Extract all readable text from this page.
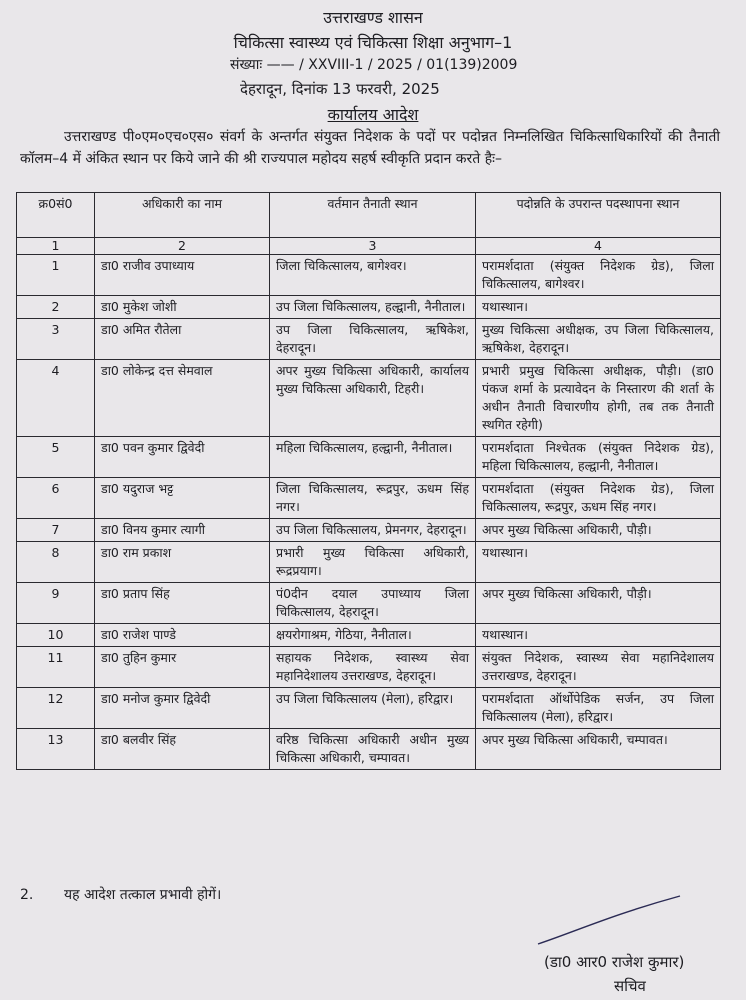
उत्तराखण्ड शासन
चिकित्सा स्वास्थ्य एवं चिकित्सा शिक्षा अनुभाग–1
संख्याः —— / XXVIII-1 / 2025 / 01(139)2009
देहरादून, दिनांक 13 फरवरी, 2025
कार्यालय आदेश
उत्तराखण्ड पी०एम०एच०एस० संवर्ग के अन्तर्गत संयुक्त निदेशक के पदों पर पदोन्नत निम्नलिखित चिकित्साधिकारियों की तैनाती कॉलम–4 में अंकित स्थान पर किये जाने की श्री राज्यपाल महोदय सहर्ष स्वीकृति प्रदान करते हैः–
क्र0सं0	अधिकारी का नाम	वर्तमान तैनाती स्थान	पदोन्नति के उपरान्त पदस्थापना स्थान
1	2	3	4
1	डा0 राजीव उपाध्याय	जिला चिकित्सालय, बागेश्वर।	परामर्शदाता (संयुक्त निदेशक ग्रेड), जिला चिकित्सालय, बागेश्वर।
2	डा0 मुकेश जोशी	उप जिला चिकित्सालय, हल्द्वानी, नैनीताल।	यथास्थान।
3	डा0 अमित रौतेला	उप जिला चिकित्सालय, ऋषिकेश, देहरादून।	मुख्य चिकित्सा अधीक्षक, उप जिला चिकित्सालय, ऋषिकेश, देहरादून।
4	डा0 लोकेन्द्र दत्त सेमवाल	अपर मुख्य चिकित्सा अधिकारी, कार्यालय मुख्य चिकित्सा अधिकारी, टिहरी।	प्रभारी प्रमुख चिकित्सा अधीक्षक, पौड़ी। (डा0 पंकज शर्मा के प्रत्यावेदन के निस्तारण की शर्ता के अधीन तैनाती विचारणीय होगी, तब तक तैनाती स्थगित रहेगी)
5	डा0 पवन कुमार द्विवेदी	महिला चिकित्सालय, हल्द्वानी, नैनीताल।	परामर्शदाता निश्चेतक (संयुक्त निदेशक ग्रेड), महिला चिकित्सालय, हल्द्वानी, नैनीताल।
6	डा0 यदुराज भट्ट	जिला चिकित्सालय, रूद्रपुर, ऊधम सिंह नगर।	परामर्शदाता (संयुक्त निदेशक ग्रेड), जिला चिकित्सालय, रूद्रपुर, ऊधम सिंह नगर।
7	डा0 विनय कुमार त्यागी	उप जिला चिकित्सालय, प्रेमनगर, देहरादून।	अपर मुख्य चिकित्सा अधिकारी, पौड़ी।
8	डा0 राम प्रकाश	प्रभारी मुख्य चिकित्सा अधिकारी, रूद्रप्रयाग।	यथास्थान।
9	डा0 प्रताप सिंह	पं0दीन दयाल उपाध्याय जिला चिकित्सालय, देहरादून।	अपर मुख्य चिकित्सा अधिकारी, पौड़ी।
10	डा0 राजेश पाण्डे	क्षयरोगाश्रम, गेठिया, नैनीताल।	यथास्थान।
11	डा0 तुहिन कुमार	सहायक निदेशक, स्वास्थ्य सेवा महानिदेशालय उत्तराखण्ड, देहरादून।	संयुक्त निदेशक, स्वास्थ्य सेवा महानिदेशालय उत्तराखण्ड, देहरादून।
12	डा0 मनोज कुमार द्विवेदी	उप जिला चिकित्सालय (मेला), हरिद्वार।	परामर्शदाता ऑर्थोपेडिक सर्जन, उप जिला चिकित्सालय (मेला), हरिद्वार।
13	डा0 बलवीर सिंह	वरिष्ठ चिकित्सा अधिकारी अधीन मुख्य चिकित्सा अधिकारी, चम्पावत।	अपर मुख्य चिकित्सा अधिकारी, चम्पावत।
2. यह आदेश तत्काल प्रभावी होगें।
(डा0 आर0 राजेश कुमार)
सचिव
